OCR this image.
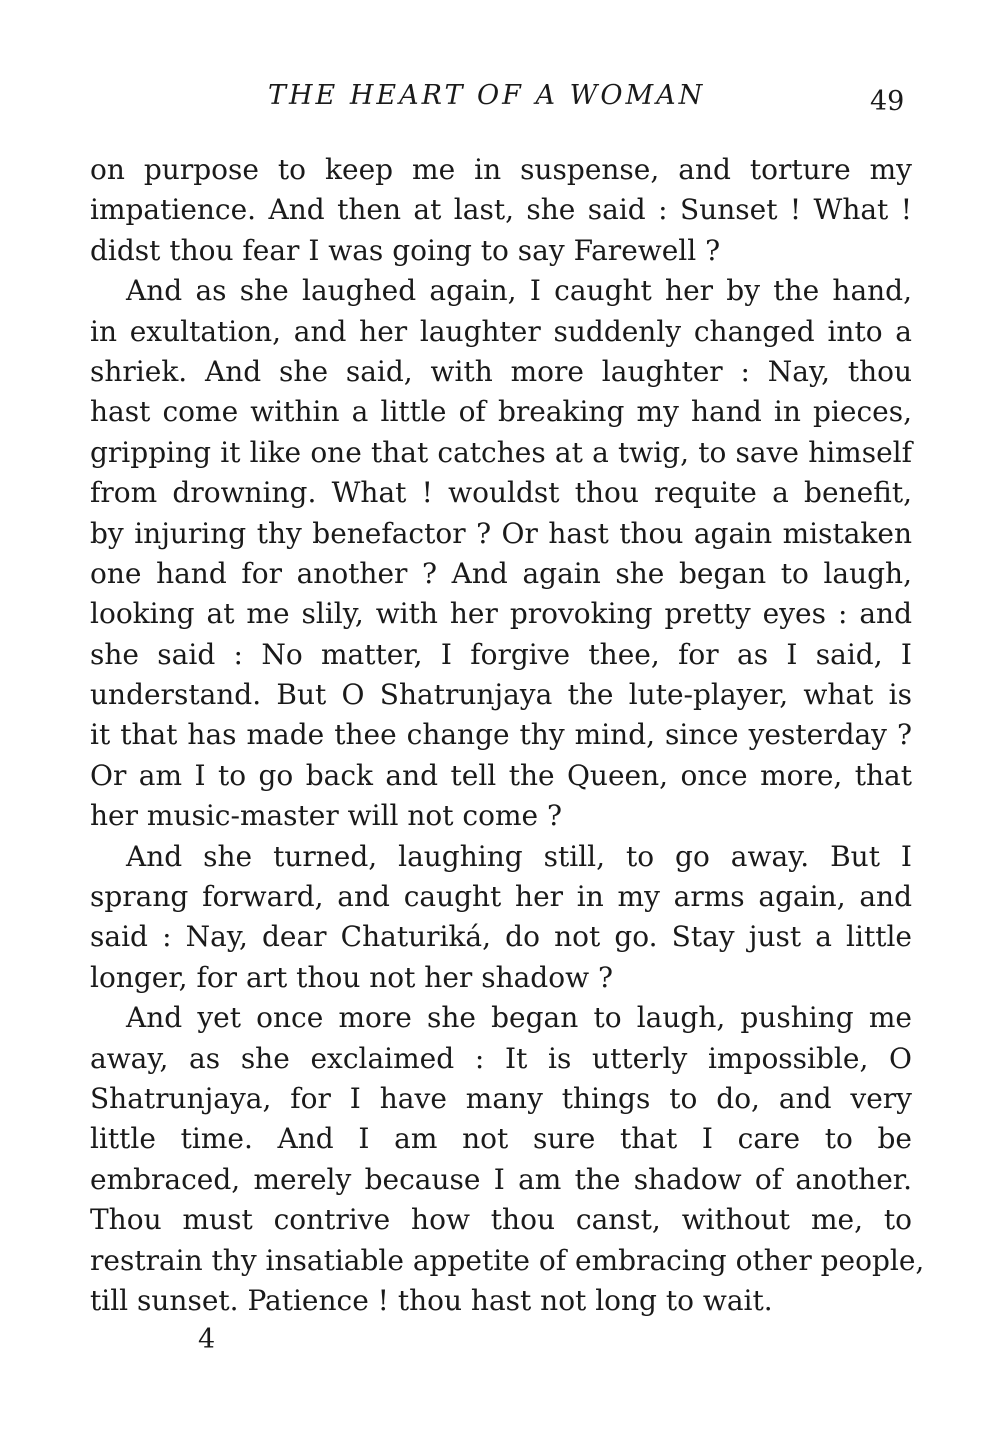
THE HEART OF A WOMAN	49
on purpose to keep me in suspense, and torture my
impatience. And then at last, she said : Sunset ! What !
didst thou fear I was going to say Farewell ?
And as she laughed again, I caught her by the hand,
in exultation, and her laughter suddenly changed into a
shriek. And she said, with more laughter : Nay, thou
hast come within a little of breaking my hand in pieces,
gripping it like one that catches at a twig, to save himself
from drowning. What ! wouldst thou requite a benefit,
by injuring thy benefactor ? Or hast thou again mistaken
one hand for another ? And again she began to laugh,
looking at me slily, with her provoking pretty eyes : and
she said : No matter, I forgive thee, for as I said, I
understand. But O Shatrunjaya the lute-player, what is
it that has made thee change thy mind, since yesterday ?
Or am I to go back and tell the Queen, once more, that
her music-master will not come ?
And she turned, laughing still, to go away. But I
sprang forward, and caught her in my arms again, and
said : Nay, dear Chaturiká, do not go. Stay just a little
longer, for art thou not her shadow ?
And yet once more she began to laugh, pushing me
away, as she exclaimed : It is utterly impossible, O
Shatrunjaya, for I have many things to do, and very
little time. And I am not sure that I care to be
embraced, merely because I am the shadow of another.
Thou must contrive how thou canst, without me, to
restrain thy insatiable appetite of embracing other people,
till sunset. Patience ! thou hast not long to wait.
4
